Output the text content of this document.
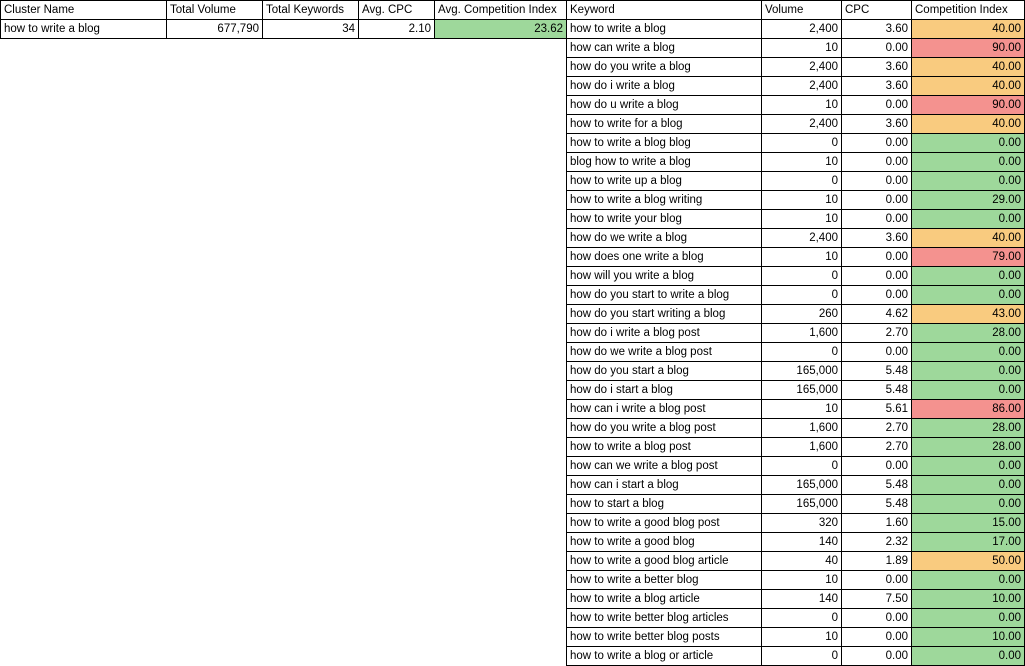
Cluster Name	Total Volume	Total Keywords	Avg. CPC	Avg. Competition Index
how to write a blog	677,790	34	2.10	23.62
Keyword	Volume	CPC	Competition Index
how to write a blog	2,400	3.60	40.00
how can write a blog	10	0.00	90.00
how do you write a blog	2,400	3.60	40.00
how do i write a blog	2,400	3.60	40.00
how do u write a blog	10	0.00	90.00
how to write for a blog	2,400	3.60	40.00
how to write a blog blog	0	0.00	0.00
blog how to write a blog	10	0.00	0.00
how to write up a blog	0	0.00	0.00
how to write a blog writing	10	0.00	29.00
how to write your blog	10	0.00	0.00
how do we write a blog	2,400	3.60	40.00
how does one write a blog	10	0.00	79.00
how will you write a blog	0	0.00	0.00
how do you start to write a blog	0	0.00	0.00
how do you start writing a blog	260	4.62	43.00
how do i write a blog post	1,600	2.70	28.00
how do we write a blog post	0	0.00	0.00
how do you start a blog	165,000	5.48	0.00
how do i start a blog	165,000	5.48	0.00
how can i write a blog post	10	5.61	86.00
how do you write a blog post	1,600	2.70	28.00
how to write a blog post	1,600	2.70	28.00
how can we write a blog post	0	0.00	0.00
how can i start a blog	165,000	5.48	0.00
how to start a blog	165,000	5.48	0.00
how to write a good blog post	320	1.60	15.00
how to write a good blog	140	2.32	17.00
how to write a good blog article	40	1.89	50.00
how to write a better blog	10	0.00	0.00
how to write a blog article	140	7.50	10.00
how to write better blog articles	0	0.00	0.00
how to write better blog posts	10	0.00	10.00
how to write a blog or article	0	0.00	0.00
